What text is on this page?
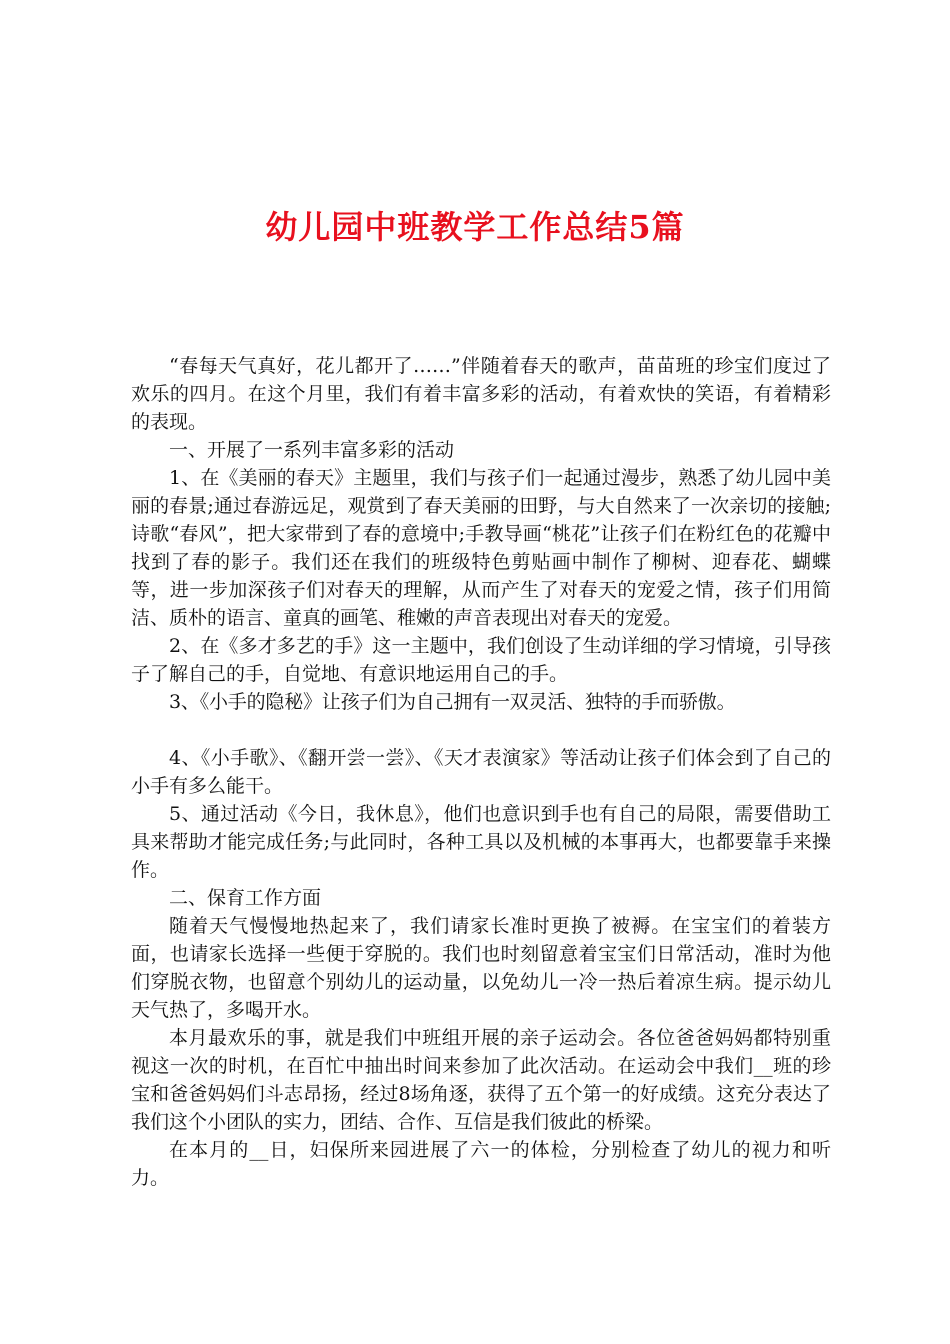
幼儿园中班教学工作总结5篇

“春每天气真好，花儿都开了……”伴随着春天的歌声，苗苗班的珍宝们度过了欢乐的四月。在这个月里，我们有着丰富多彩的活动，有着欢快的笑语，有着精彩的表现。

一、开展了一系列丰富多彩的活动

1、在《美丽的春天》主题里，我们与孩子们一起通过漫步，熟悉了幼儿园中美丽的春景;通过春游远足，观赏到了春天美丽的田野，与大自然来了一次亲切的接触;诗歌“春风”，把大家带到了春的意境中;手教导画“桃花”让孩子们在粉红色的花瓣中找到了春的影子。我们还在我们的班级特色剪贴画中制作了柳树、迎春花、蝴蝶等，进一步加深孩子们对春天的理解，从而产生了对春天的宠爱之情，孩子们用简洁、质朴的语言、童真的画笔、稚嫩的声音表现出对春天的宠爱。

2、在《多才多艺的手》这一主题中，我们创设了生动详细的学习情境，引导孩子了解自己的手，自觉地、有意识地运用自己的手。

3、《小手的隐秘》让孩子们为自己拥有一双灵活、独特的手而骄傲。

4、《小手歌》、《翻开尝一尝》、《天才表演家》等活动让孩子们体会到了自己的小手有多么能干。

5、通过活动《今日，我休息》，他们也意识到手也有自己的局限，需要借助工具来帮助才能完成任务;与此同时，各种工具以及机械的本事再大，也都要靠手来操作。

二、保育工作方面

随着天气慢慢地热起来了，我们请家长准时更换了被褥。在宝宝们的着装方面，也请家长选择一些便于穿脱的。我们也时刻留意着宝宝们日常活动，准时为他们穿脱衣物，也留意个别幼儿的运动量，以免幼儿一冷一热后着凉生病。提示幼儿天气热了，多喝开水。

本月最欢乐的事，就是我们中班组开展的亲子运动会。各位爸爸妈妈都特别重视这一次的时机，在百忙中抽出时间来参加了此次活动。在运动会中我们__班的珍宝和爸爸妈妈们斗志昂扬，经过8场角逐，获得了五个第一的好成绩。这充分表达了我们这个小团队的实力，团结、合作、互信是我们彼此的桥梁。

在本月的__日，妇保所来园进展了六一的体检，分别检查了幼儿的视力和听力。
